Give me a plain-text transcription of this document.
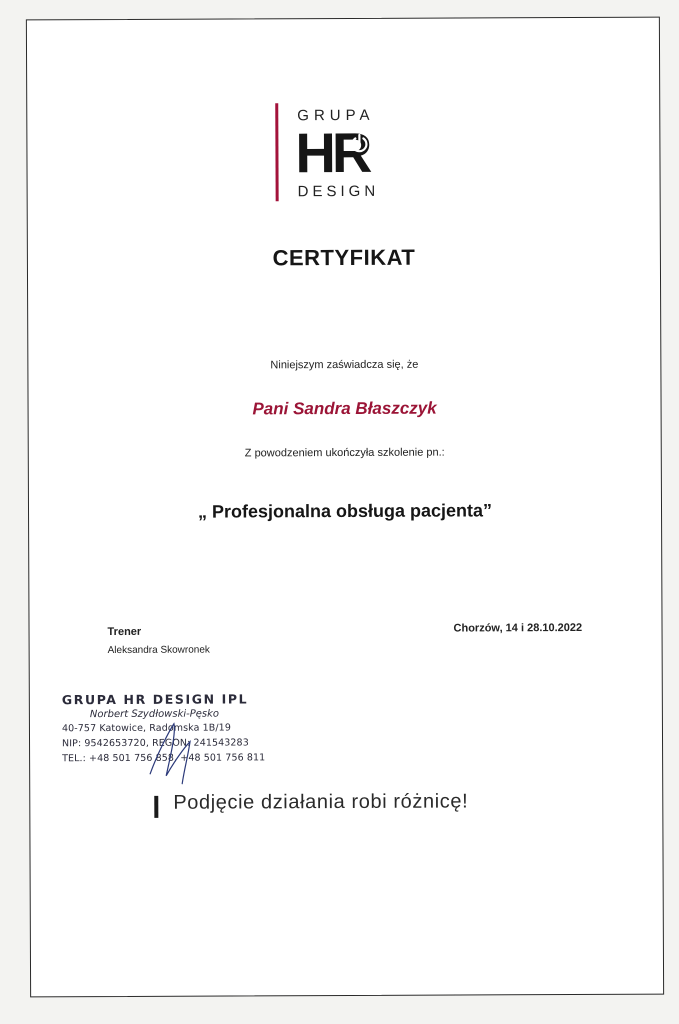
GRUPA
HR
DESIGN
CERTYFIKAT
Niniejszym zaświadcza się, że
Pani Sandra Błaszczyk
Z powodzeniem ukończyła szkolenie pn.:
„ Profesjonalna obsługa pacjenta”
Trener
Aleksandra Skowronek
Chorzów, 14 i 28.10.2022
GRUPA HR DESIGN IPL
Norbert Szydłowski-Pęsko
40-757 Katowice, Radomska 1B/19
NIP: 9542653720, REGON: 241543283
TEL.: +48 501 756 858, +48 501 756 811
Podjęcie działania robi różnicę!
